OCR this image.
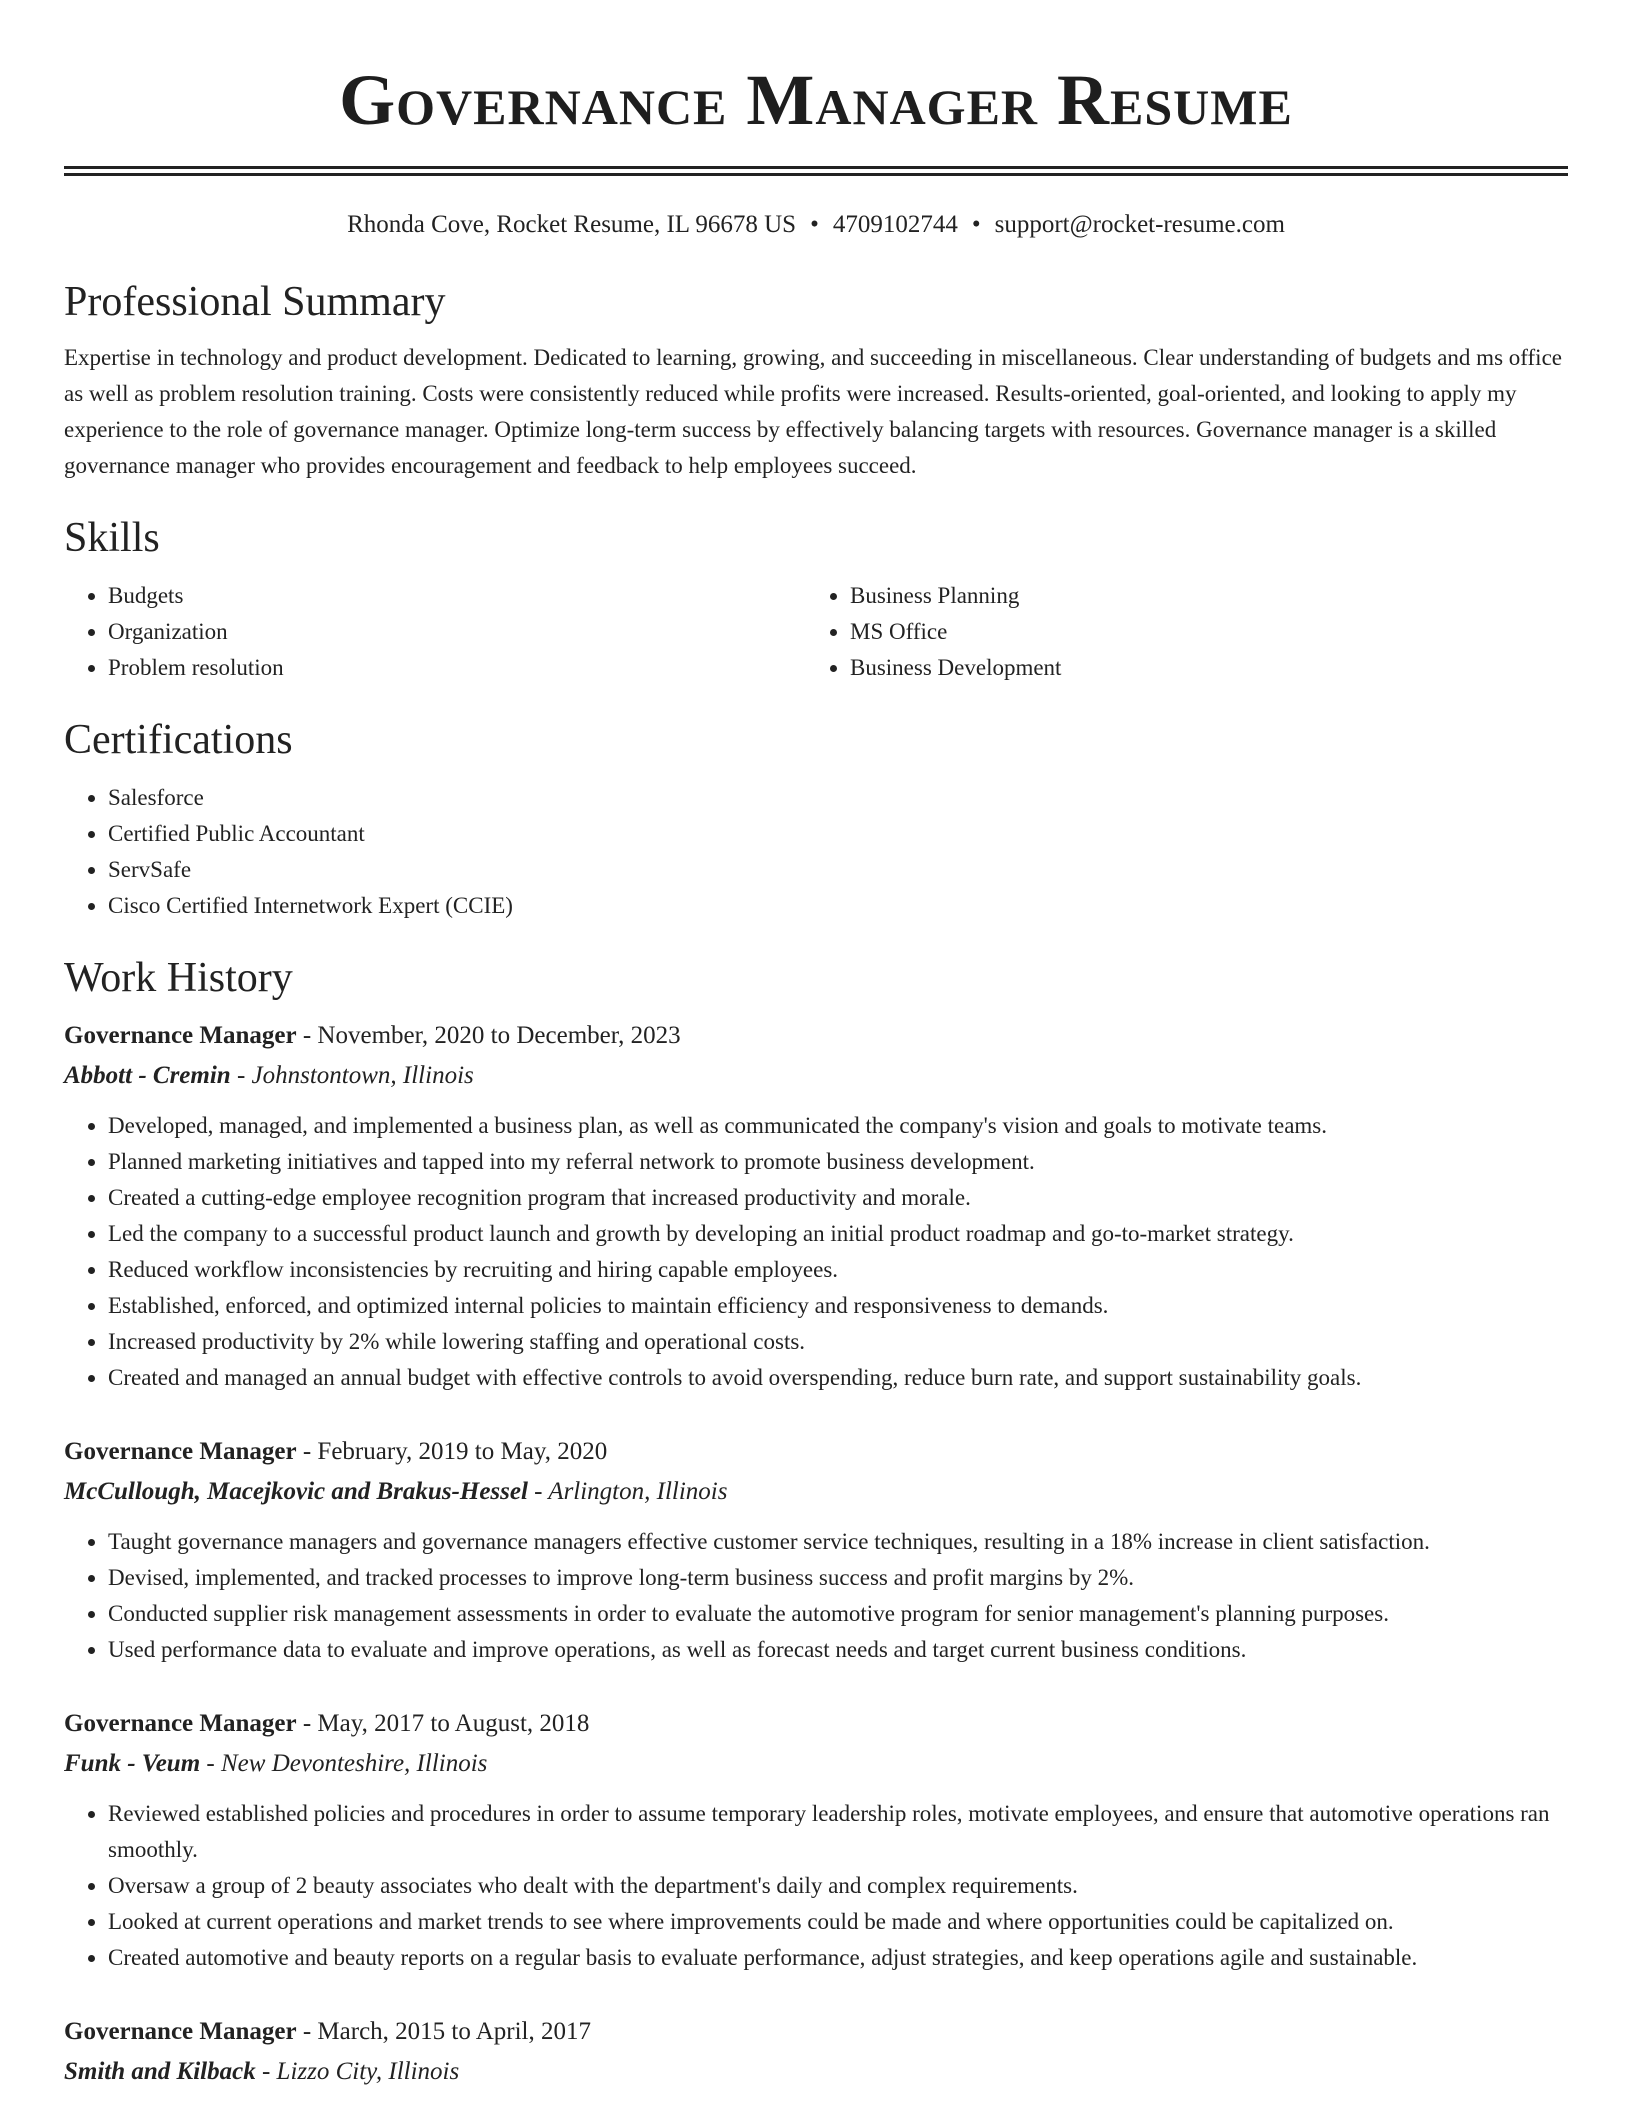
Governance Manager Resume
Rhonda Cove, Rocket Resume, IL 96678 US • 4709102744 • support@rocket-resume.com
Professional Summary
Expertise in technology and product development. Dedicated to learning, growing, and succeeding in miscellaneous. Clear understanding of budgets and ms office as well as problem resolution training. Costs were consistently reduced while profits were increased. Results-oriented, goal-oriented, and looking to apply my experience to the role of governance manager. Optimize long-term success by effectively balancing targets with resources. Governance manager is a skilled governance manager who provides encouragement and feedback to help employees succeed.
Skills
• Budgets
• Organization
• Problem resolution
• Business Planning
• MS Office
• Business Development
Certifications
• Salesforce
• Certified Public Accountant
• ServSafe
• Cisco Certified Internetwork Expert (CCIE)
Work History
Governance Manager - November, 2020 to December, 2023
Abbott - Cremin - Johnstontown, Illinois
• Developed, managed, and implemented a business plan, as well as communicated the company's vision and goals to motivate teams.
• Planned marketing initiatives and tapped into my referral network to promote business development.
• Created a cutting-edge employee recognition program that increased productivity and morale.
• Led the company to a successful product launch and growth by developing an initial product roadmap and go-to-market strategy.
• Reduced workflow inconsistencies by recruiting and hiring capable employees.
• Established, enforced, and optimized internal policies to maintain efficiency and responsiveness to demands.
• Increased productivity by 2% while lowering staffing and operational costs.
• Created and managed an annual budget with effective controls to avoid overspending, reduce burn rate, and support sustainability goals.
Governance Manager - February, 2019 to May, 2020
McCullough, Macejkovic and Brakus-Hessel - Arlington, Illinois
• Taught governance managers and governance managers effective customer service techniques, resulting in a 18% increase in client satisfaction.
• Devised, implemented, and tracked processes to improve long-term business success and profit margins by 2%.
• Conducted supplier risk management assessments in order to evaluate the automotive program for senior management's planning purposes.
• Used performance data to evaluate and improve operations, as well as forecast needs and target current business conditions.
Governance Manager - May, 2017 to August, 2018
Funk - Veum - New Devonteshire, Illinois
• Reviewed established policies and procedures in order to assume temporary leadership roles, motivate employees, and ensure that automotive operations ran smoothly.
• Oversaw a group of 2 beauty associates who dealt with the department's daily and complex requirements.
• Looked at current operations and market trends to see where improvements could be made and where opportunities could be capitalized on.
• Created automotive and beauty reports on a regular basis to evaluate performance, adjust strategies, and keep operations agile and sustainable.
Governance Manager - March, 2015 to April, 2017
Smith and Kilback - Lizzo City, Illinois
